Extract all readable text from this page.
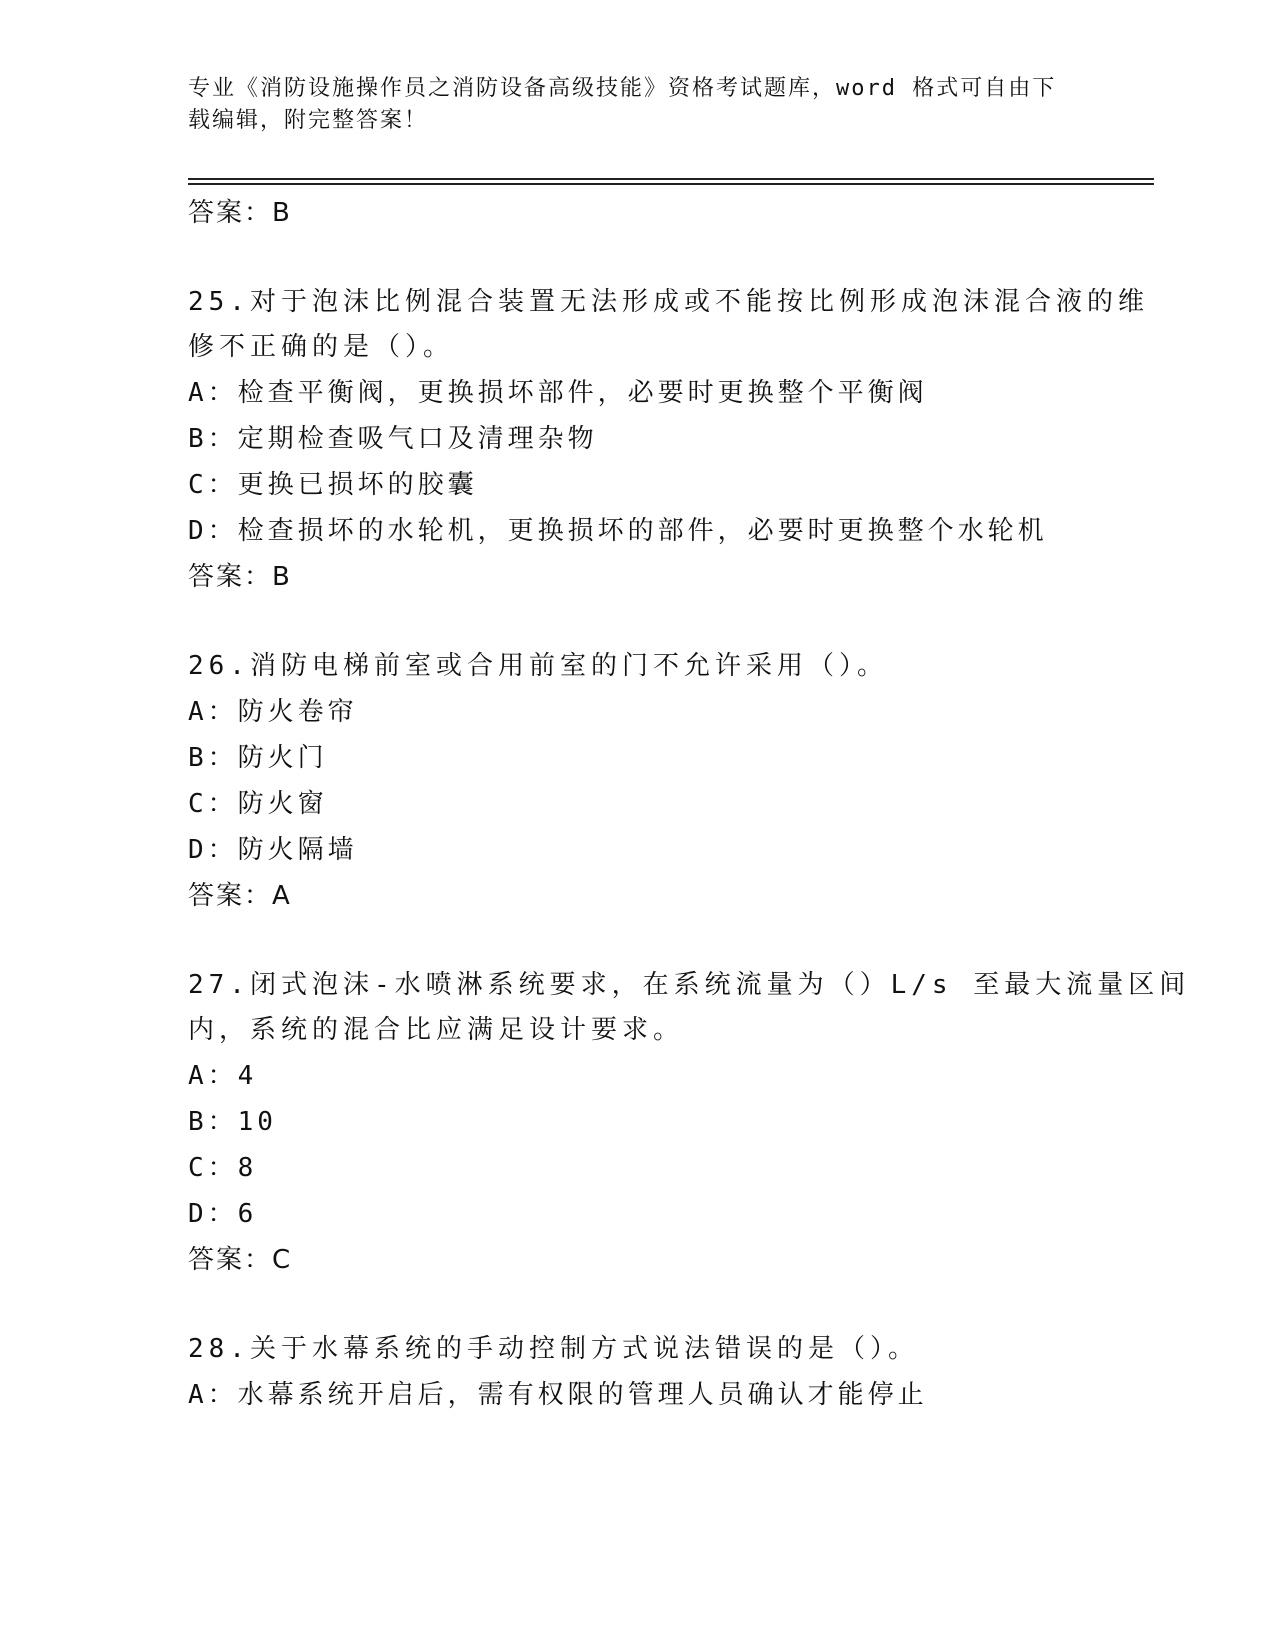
专业《消防设施操作员之消防设备高级技能》资格考试题库，word 格式可自由下
载编辑，附完整答案！
答案：B
25.对于泡沫比例混合装置无法形成或不能按比例形成泡沫混合液的维
修不正确的是（）。
A：检查平衡阀，更换损坏部件，必要时更换整个平衡阀
B：定期检查吸气口及清理杂物
C：更换已损坏的胶囊
D：检查损坏的水轮机，更换损坏的部件，必要时更换整个水轮机
答案：B
26.消防电梯前室或合用前室的门不允许采用（）。
A：防火卷帘
B：防火门
C：防火窗
D：防火隔墙
答案：A
27.闭式泡沫-水喷淋系统要求，在系统流量为（）L/s 至最大流量区间
内，系统的混合比应满足设计要求。
A：4
B：10
C：8
D：6
答案：C
28.关于水幕系统的手动控制方式说法错误的是（）。
A：水幕系统开启后，需有权限的管理人员确认才能停止
